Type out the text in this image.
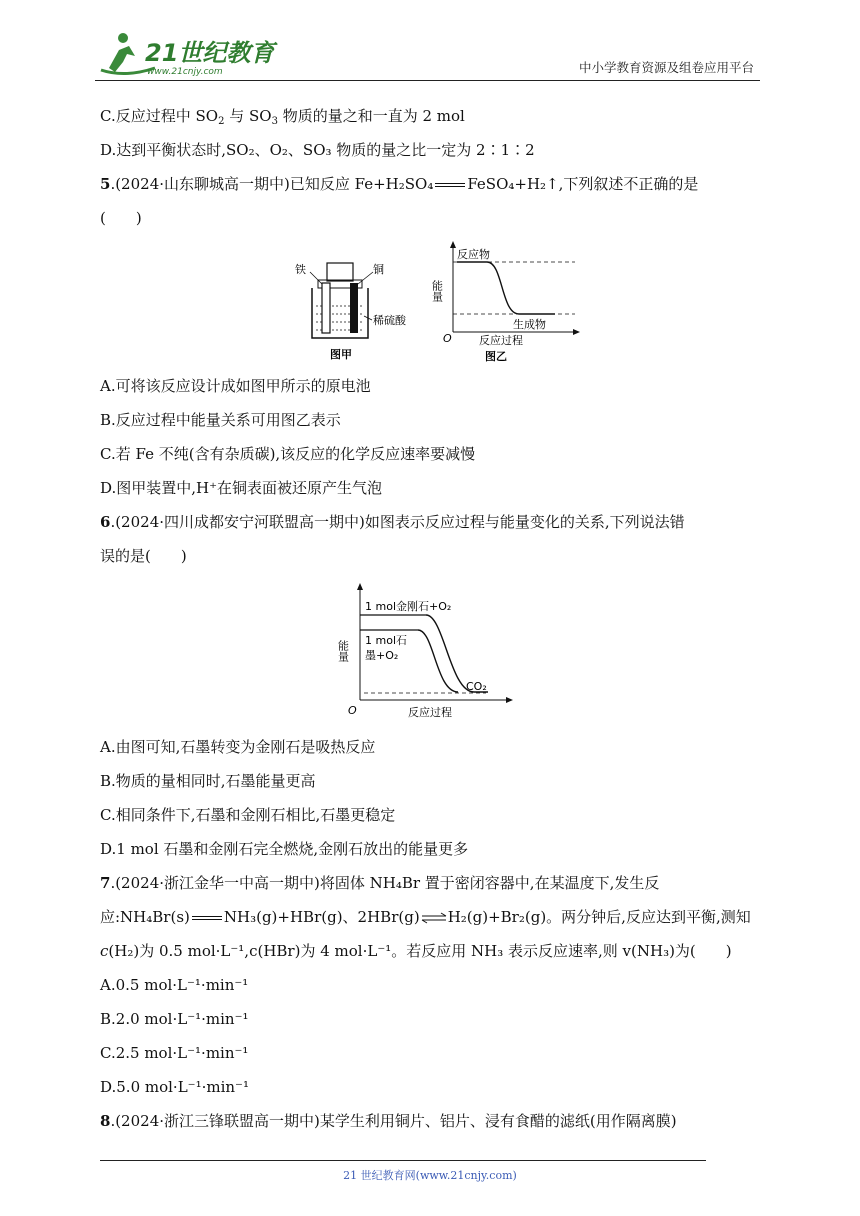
21世纪教育
www.21cnjy.com	中小学教育资源及组卷应用平台
C.反应过程中 $SO_2$ 与 $SO_3$ 物质的量之和一直为 2 mol
D.达到平衡状态时,SO₂、O₂、SO₃ 物质的量之比一定为 2∶1∶2
5.(2024·山东聊城高一期中)已知反应 Fe+H₂SO₄ FeSO₄+H₂↑,下列叙述不正确的是
(　　)
铁	铜
稀硫酸
图甲
反应物
生成物
能量
反应过程
O
图乙
A.可将该反应设计成如图甲所示的原电池
B.反应过程中能量关系可用图乙表示
C.若 Fe 不纯(含有杂质碳),该反应的化学反应速率要减慢
D.图甲装置中,H⁺在铜表面被还原产生气泡
6.(2024·四川成都安宁河联盟高一期中)如图表示反应过程与能量变化的关系,下列说法错
误的是(　　)
1 mol金刚石+O₂
1 mol石
墨+O₂
CO₂
能量
反应过程
O
A.由图可知,石墨转变为金刚石是吸热反应
B.物质的量相同时,石墨能量更高
C.相同条件下,石墨和金刚石相比,石墨更稳定
D.1 mol 石墨和金刚石完全燃烧,金刚石放出的能量更多
7.(2024·浙江金华一中高一期中)将固体 NH₄Br 置于密闭容器中,在某温度下,发生反
应:NH₄Br(s) NH₃(g)+HBr(g)、2HBr(g)⇌H₂(g)+Br₂(g)。两分钟后,反应达到平衡,测知
c(H₂)为 0.5 mol·L⁻¹,c(HBr)为 4 mol·L⁻¹。若反应用 NH₃ 表示反应速率,则 v(NH₃)为(　　)
A.0.5 mol·L⁻¹·min⁻¹
B.2.0 mol·L⁻¹·min⁻¹
C.2.5 mol·L⁻¹·min⁻¹
D.5.0 mol·L⁻¹·min⁻¹
8.(2024·浙江三锋联盟高一期中)某学生利用铜片、铝片、浸有食醋的滤纸(用作隔离膜)
21 世纪教育网(www.21cnjy.com)
